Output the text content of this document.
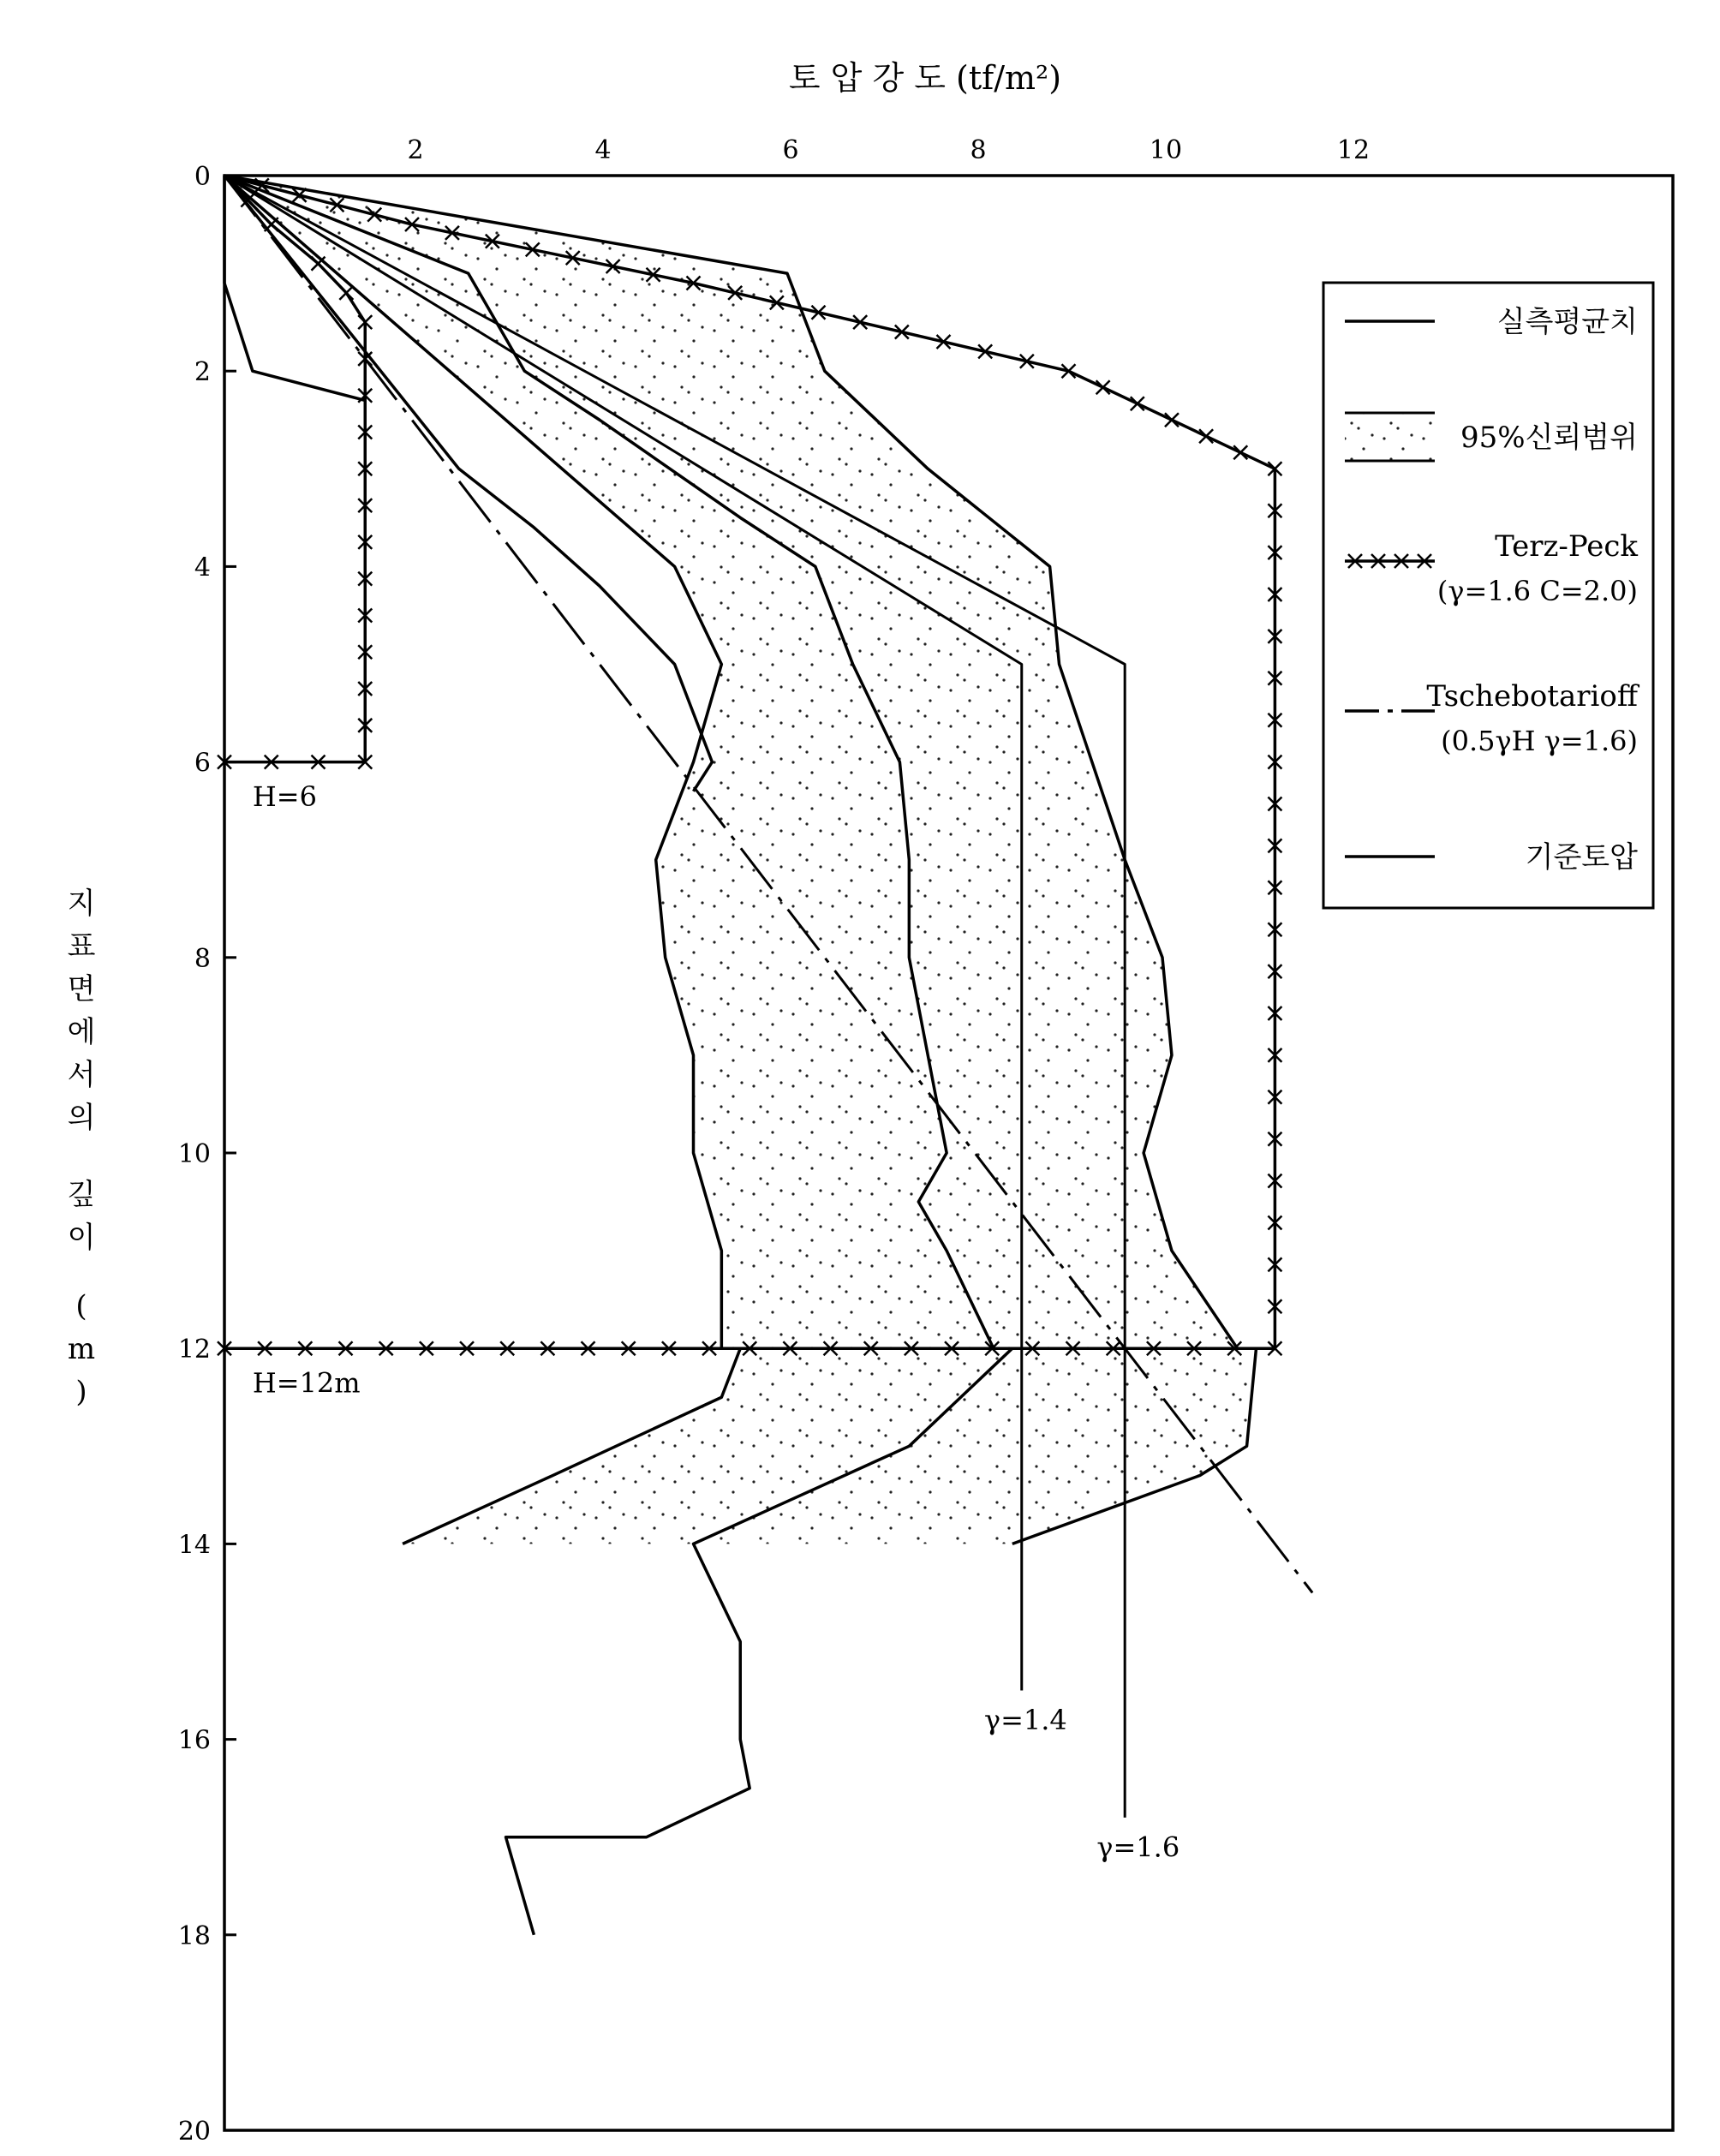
토 압 강 도 (tf/m²)
2	4	6	8	10	12
0
2
4
6
8
10
12
14
16
18
20
H=6
H=12m
γ=1.4
γ=1.6
실측평균치
95%신뢰범위
Terz-Peck
(γ=1.6 C=2.0)
Tschebotarioff
(0.5γH γ=1.6)
기준토압
지
표
면
에
서
의
깊
이
(
m
)
